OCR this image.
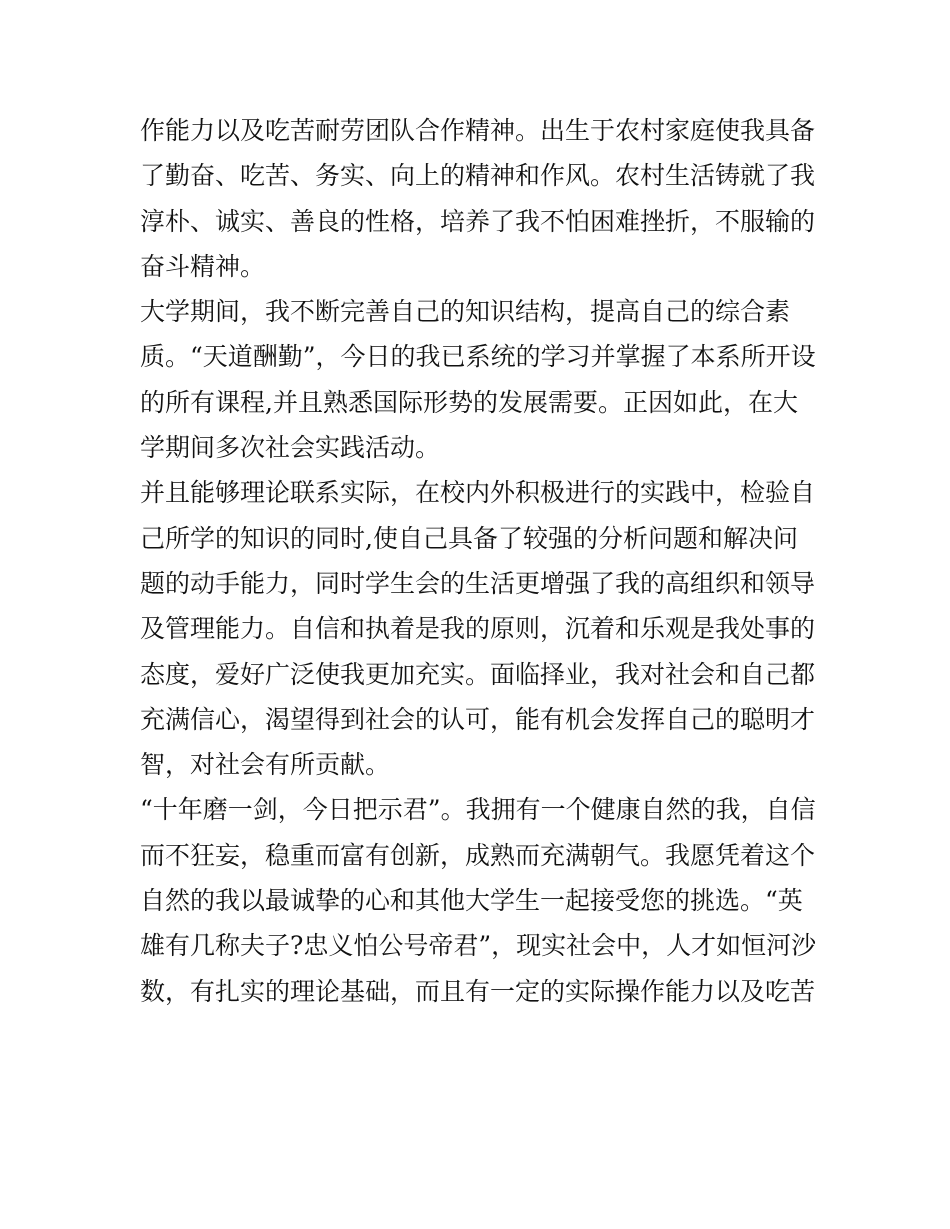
作能力以及吃苦耐劳团队合作精神。出生于农村家庭使我具备
了勤奋、吃苦、务实、向上的精神和作风。农村生活铸就了我
淳朴、诚实、善良的性格，培养了我不怕困难挫折，不服输的
奋斗精神。
大学期间，我不断完善自己的知识结构，提高自己的综合素
质。“天道酬勤”，今日的我已系统的学习并掌握了本系所开设
的所有课程,并且熟悉国际形势的发展需要。正因如此，在大
学期间多次社会实践活动。
并且能够理论联系实际，在校内外积极进行的实践中，检验自
己所学的知识的同时,使自己具备了较强的分析问题和解决问
题的动手能力，同时学生会的生活更增强了我的高组织和领导
及管理能力。自信和执着是我的原则，沉着和乐观是我处事的
态度，爱好广泛使我更加充实。面临择业，我对社会和自己都
充满信心，渴望得到社会的认可，能有机会发挥自己的聪明才
智，对社会有所贡献。
“十年磨一剑，今日把示君”。我拥有一个健康自然的我，自信
而不狂妄，稳重而富有创新，成熟而充满朝气。我愿凭着这个
自然的我以最诚挚的心和其他大学生一起接受您的挑选。“英
雄有几称夫子?忠义怕公号帝君”，现实社会中，人才如恒河沙
数，有扎实的理论基础，而且有一定的实际操作能力以及吃苦
